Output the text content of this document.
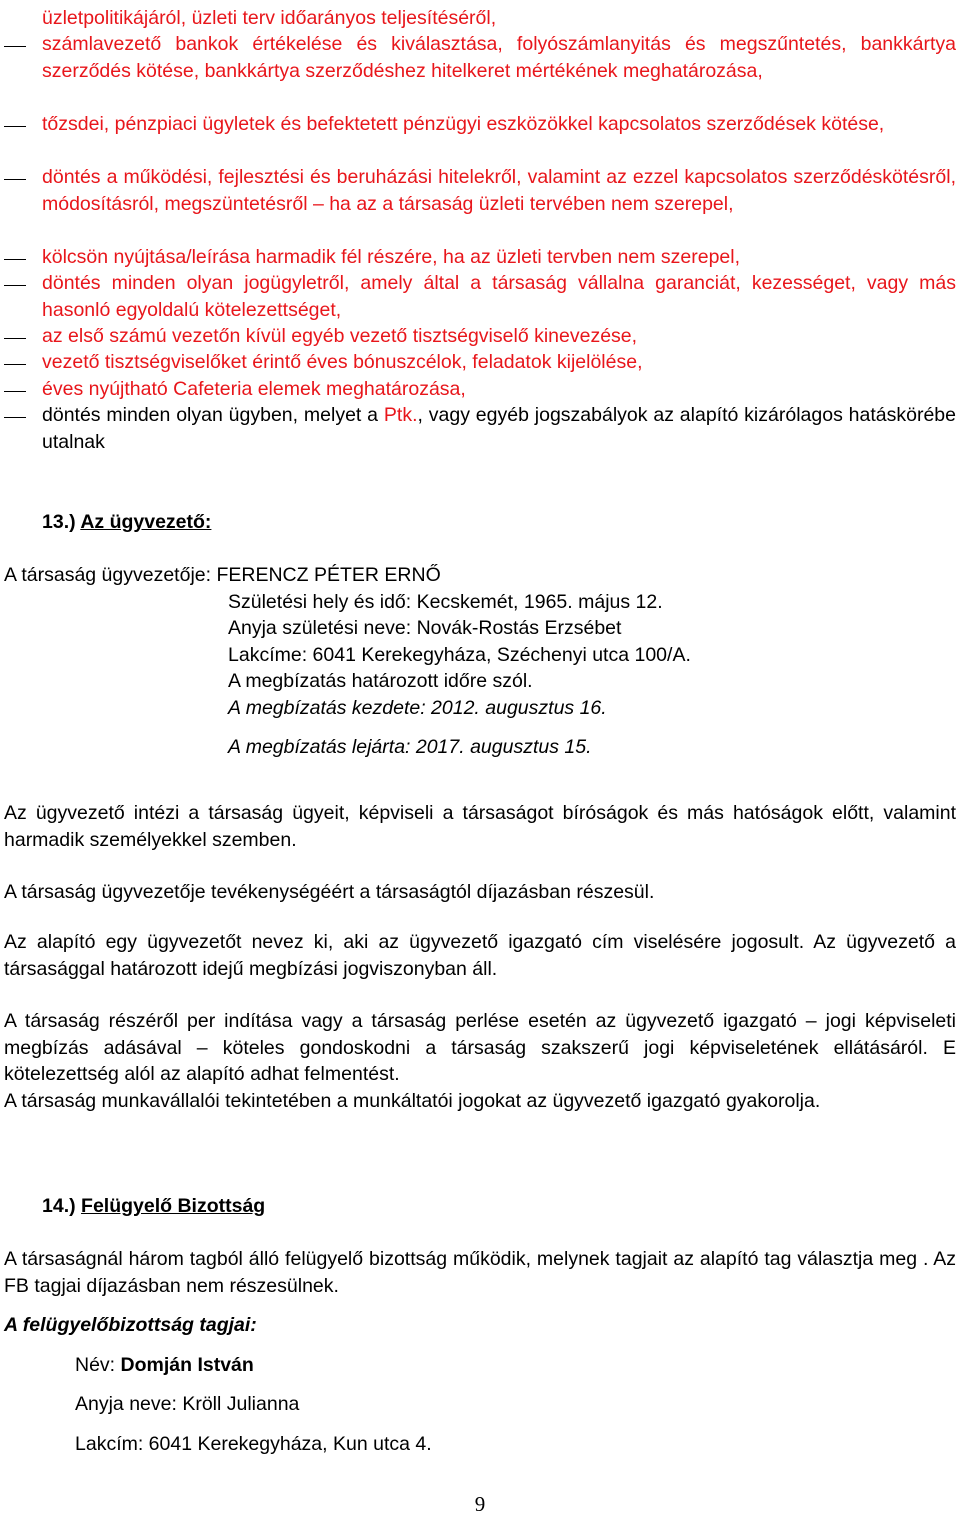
üzletpolitikájáról, üzleti terv időarányos teljesítéséről,
számlavezető bankok értékelése és kiválasztása, folyószámlanyitás és megszűntetés, bankkártya szerződés kötése, bankkártya szerződéshez hitelkeret mértékének meghatározása,
tőzsdei, pénzpiaci ügyletek és befektetett pénzügyi eszközökkel kapcsolatos szerződések kötése,
döntés a működési, fejlesztési és beruházási hitelekről, valamint az ezzel kapcsolatos szerződéskötésről, módosításról, megszüntetésről – ha az a társaság üzleti tervében nem szerepel,
kölcsön nyújtása/leírása harmadik fél részére, ha az üzleti tervben nem szerepel,
döntés minden olyan jogügyletről, amely által a társaság vállalna garanciát, kezességet, vagy más hasonló egyoldalú kötelezettséget,
az első számú vezetőn kívül egyéb vezető tisztségviselő kinevezése,
vezető tisztségviselőket érintő éves bónuszcélok, feladatok kijelölése,
éves nyújtható Cafeteria elemek meghatározása,
döntés minden olyan ügyben, melyet a Ptk., vagy egyéb jogszabályok az alapító kizárólagos hatáskörébe utalnak
13.) Az ügyvezető:
A társaság ügyvezetője: FERENCZ PÉTER ERNŐ
Születési hely és idő: Kecskemét, 1965. május 12.
Anyja születési neve: Novák-Rostás Erzsébet
Lakcíme: 6041 Kerekegyháza, Széchenyi utca 100/A.
A megbízatás határozott időre szól.
A megbízatás kezdete: 2012. augusztus 16.
A megbízatás lejárta: 2017. augusztus 15.
Az ügyvezető intézi a társaság ügyeit, képviseli a társaságot bíróságok és más hatóságok előtt, valamint harmadik személyekkel szemben.
A társaság ügyvezetője tevékenységéért a társaságtól díjazásban részesül.
Az alapító egy ügyvezetőt nevez ki, aki az ügyvezető igazgató cím viselésére jogosult. Az ügyvezető a társasággal határozott idejű megbízási jogviszonyban áll.
A társaság részéről per indítása vagy a társaság perlése esetén az ügyvezető igazgató – jogi képviseleti megbízás adásával – köteles gondoskodni a társaság szakszerű jogi képviseletének ellátásáról. E kötelezettség alól az alapító adhat felmentést.
A társaság munkavállalói tekintetében a munkáltatói jogokat az ügyvezető igazgató gyakorolja.
14.) Felügyelő Bizottság
A társaságnál három tagból álló felügyelő bizottság működik, melynek tagjait az alapító tag választja meg . Az FB tagjai díjazásban nem részesülnek.
A felügyelőbizottság tagjai:
Név: Domján István
Anyja neve: Kröll Julianna
Lakcím: 6041 Kerekegyháza, Kun utca 4.
9
